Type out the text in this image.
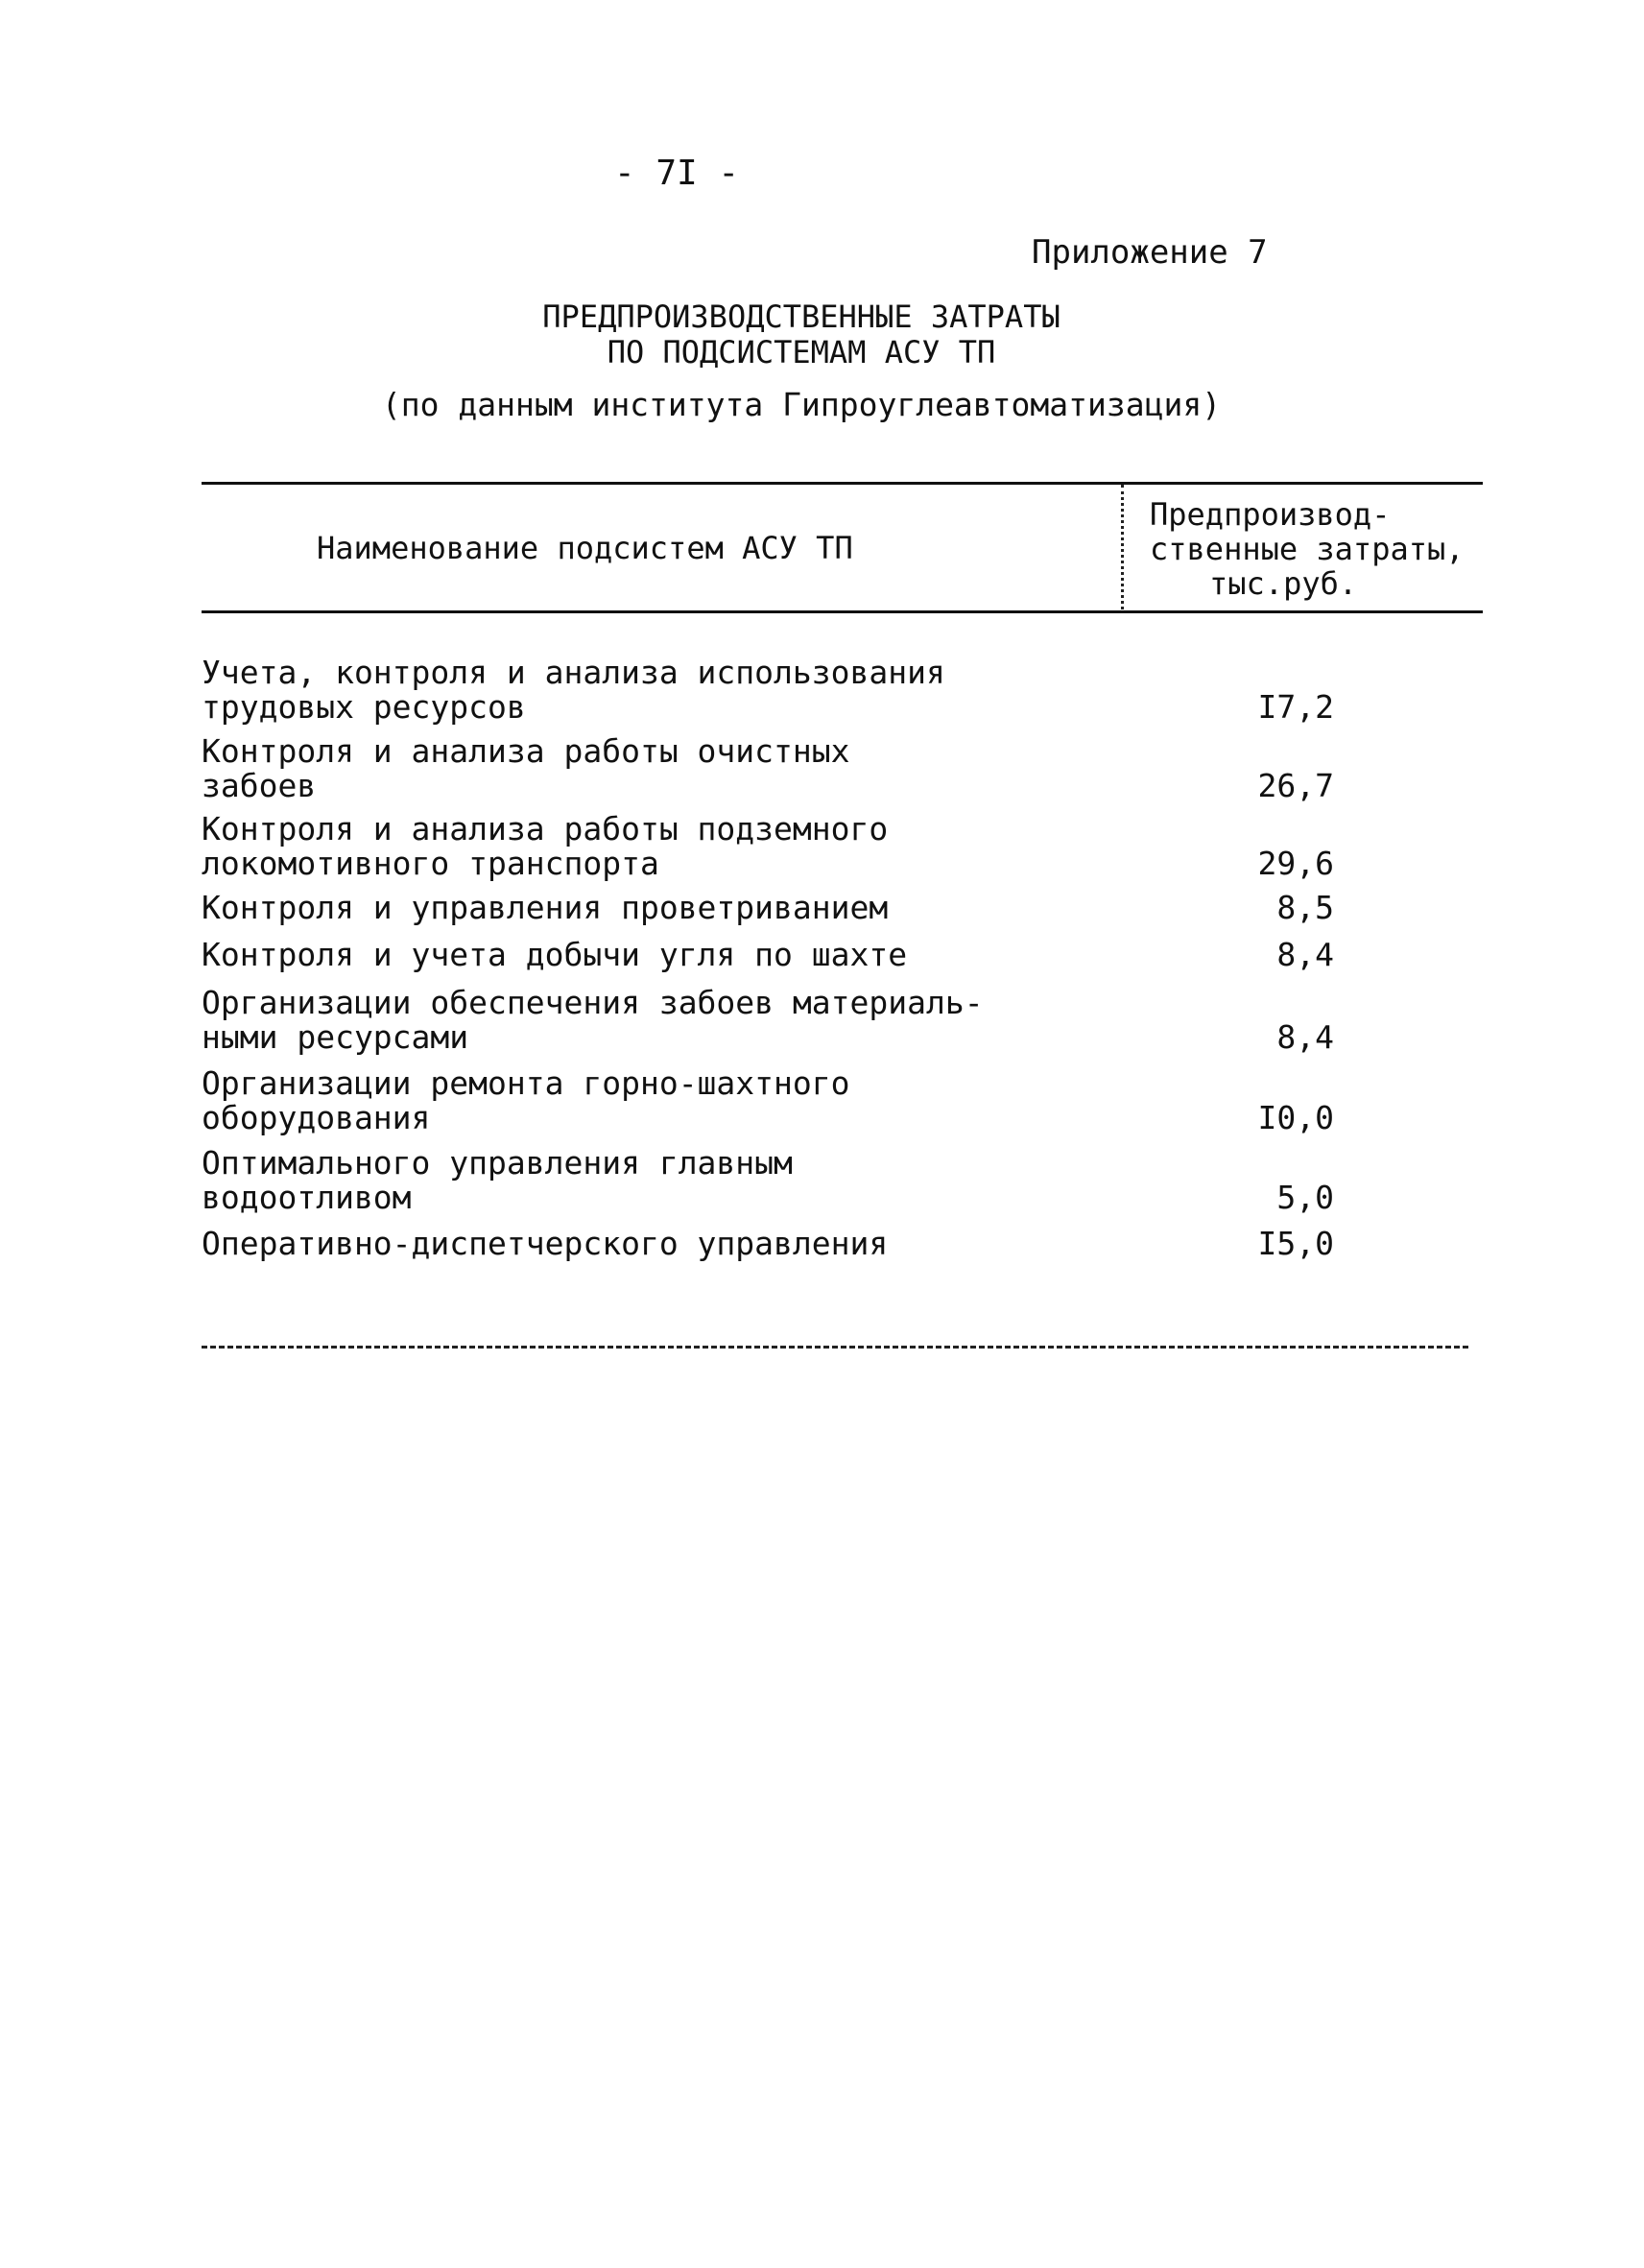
- 7I -
Приложение 7
ПРЕДПРОИЗВОДСТВЕННЫЕ ЗАТРАТЫ
ПО ПОДСИСТЕМАМ АСУ ТП
(по данным института Гипроуглеавтоматизация)
Наименование подсистем АСУ ТП
Предпроизвод-
ственные затраты,
тыс.руб.
Учета, контроля и анализа использования
трудовых ресурсов	I7,2
Контроля и анализа работы очистных
забоев	26,7
Контроля и анализа работы подземного
локомотивного транспорта	29,6
Контроля и управления проветриванием	8,5
Контроля и учета добычи угля по шахте	8,4
Организации обеспечения забоев материаль-
ными ресурсами	8,4
Организации ремонта горно-шахтного
оборудования	I0,0
Оптимального управления главным
водоотливом	5,0
Оперативно-диспетчерского управления	I5,0
